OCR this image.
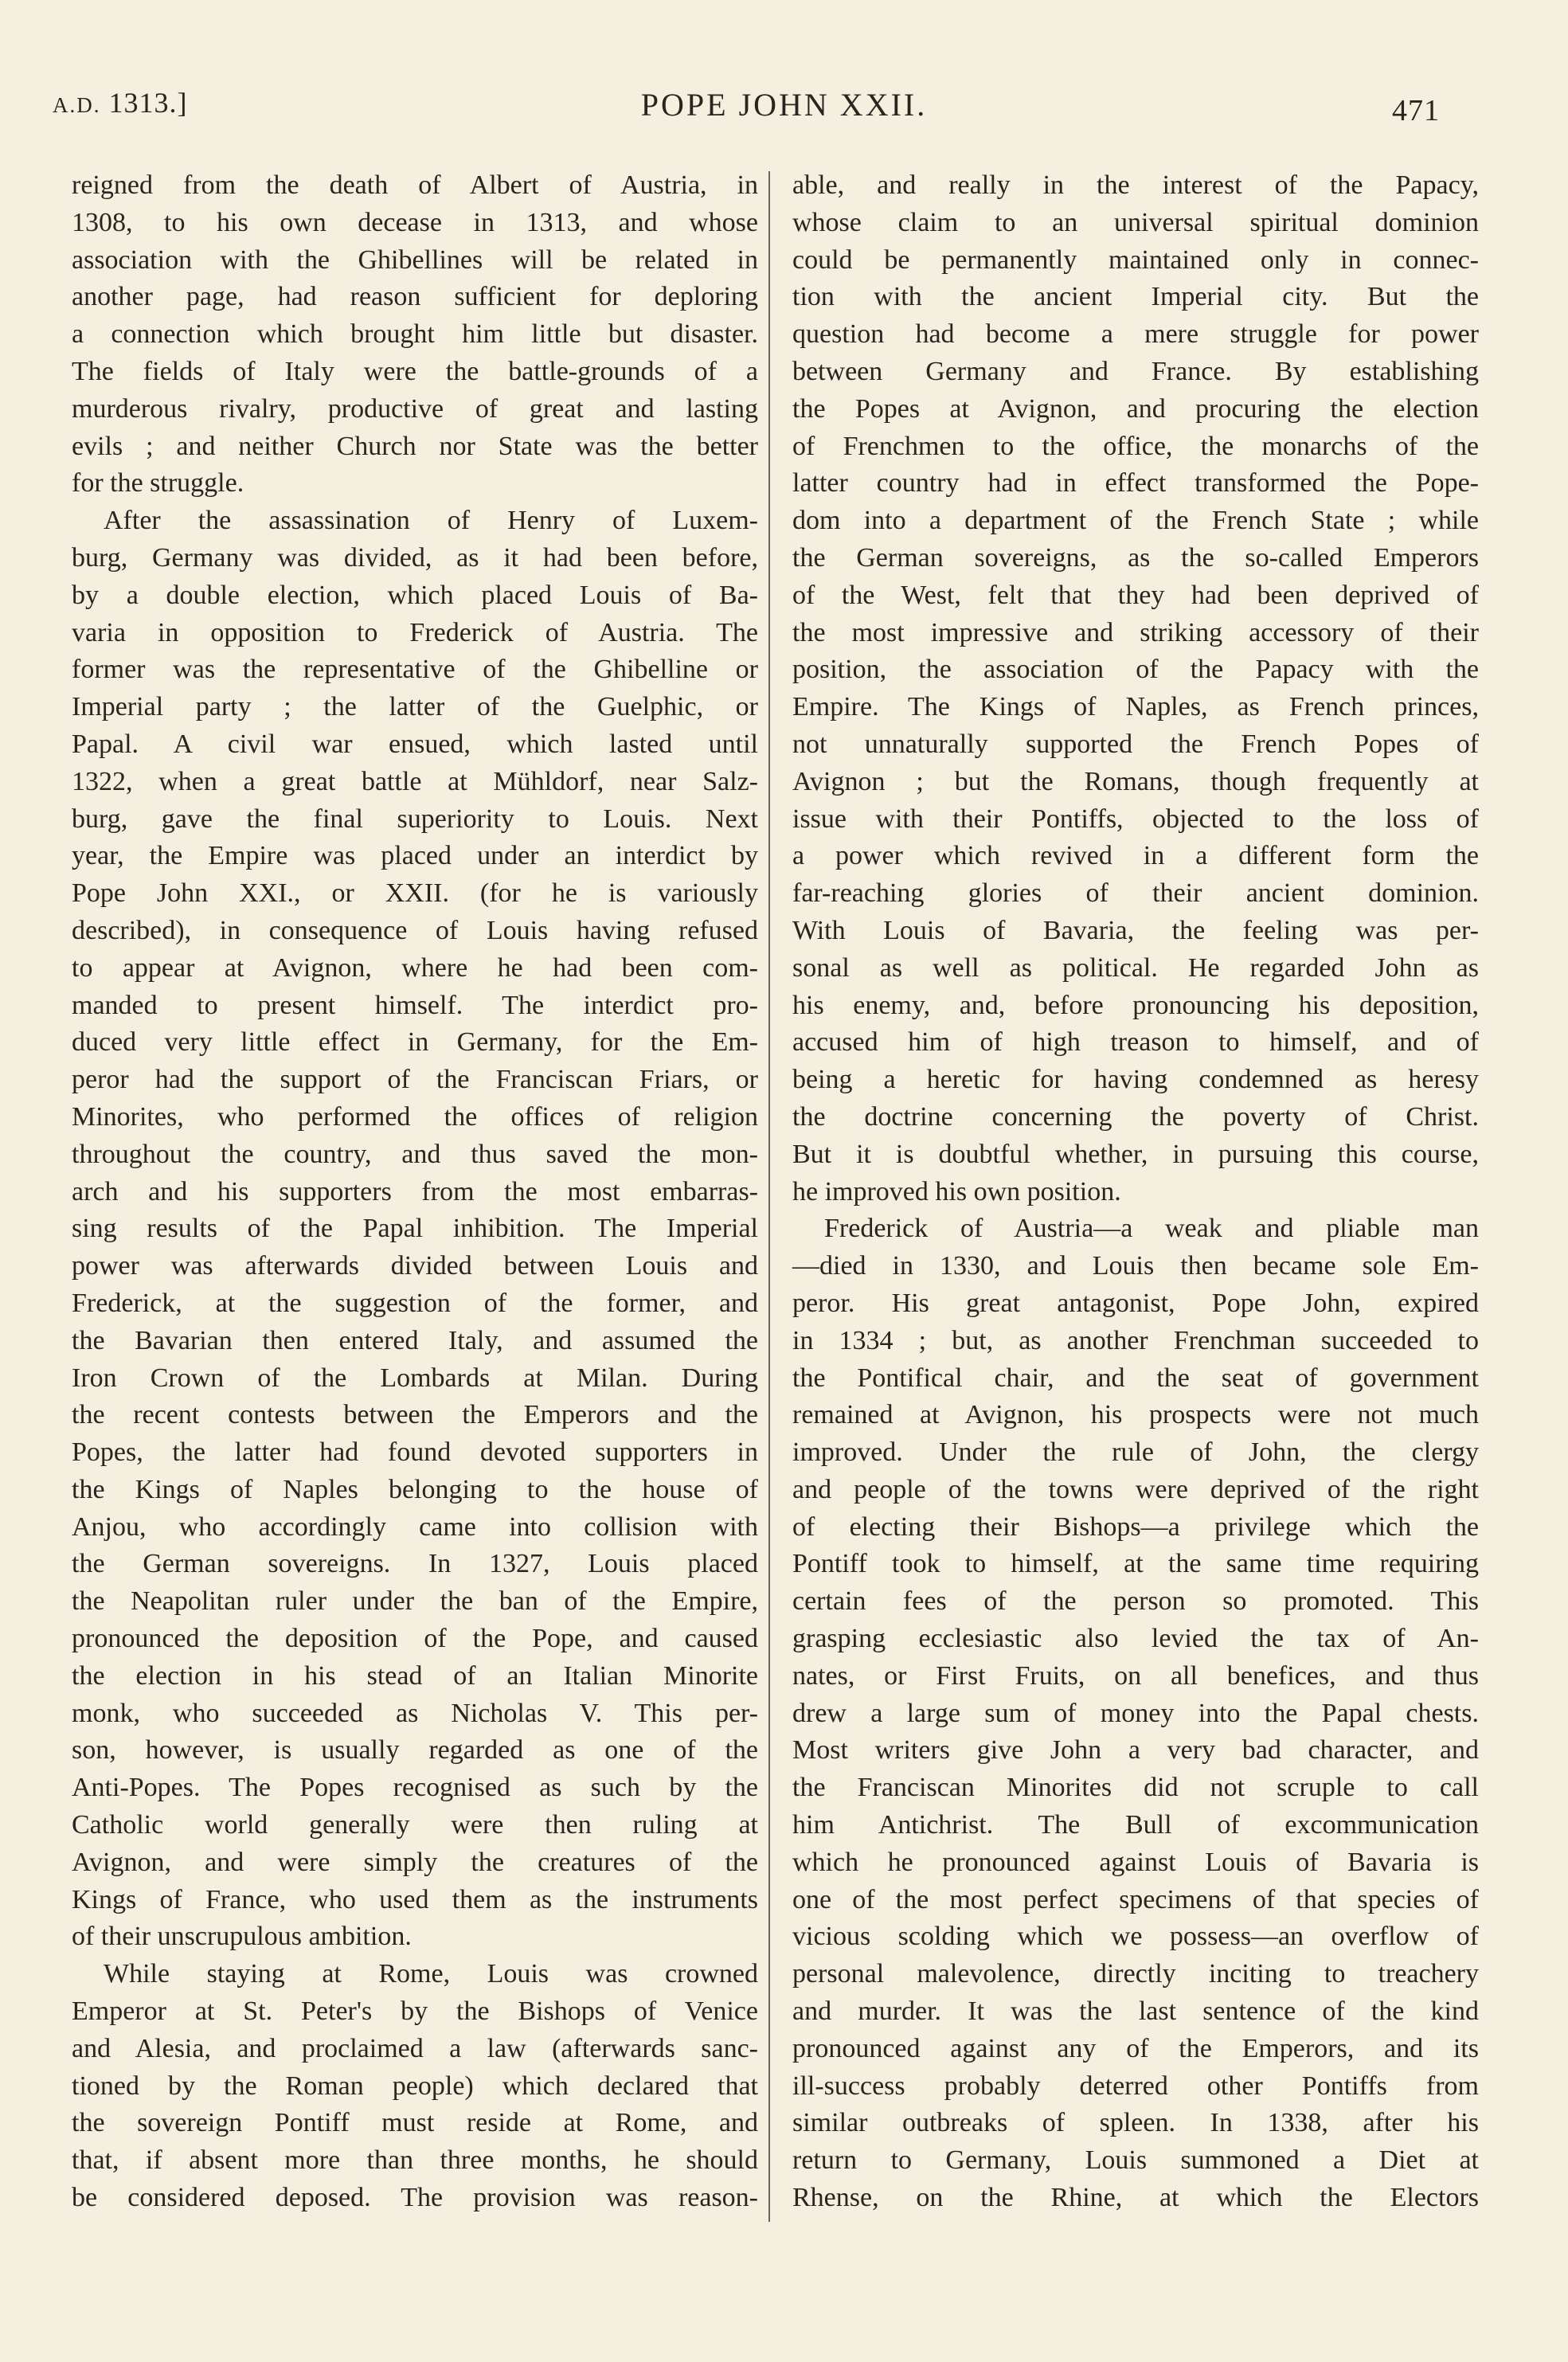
A.D. 1313.]	POPE JOHN XXII.	471
reigned from the death of Albert of Austria, in
1308, to his own decease in 1313, and whose
association with the Ghibellines will be related in
another page, had reason sufficient for deploring
a connection which brought him little but disaster.
The fields of Italy were the battle-grounds of a
murderous rivalry, productive of great and lasting
evils ; and neither Church nor State was the better
for the struggle.
After the assassination of Henry of Luxem-
burg, Germany was divided, as it had been before,
by a double election, which placed Louis of Ba-
varia in opposition to Frederick of Austria. The
former was the representative of the Ghibelline or
Imperial party ; the latter of the Guelphic, or
Papal. A civil war ensued, which lasted until
1322, when a great battle at Mühldorf, near Salz-
burg, gave the final superiority to Louis. Next
year, the Empire was placed under an interdict by
Pope John XXI., or XXII. (for he is variously
described), in consequence of Louis having refused
to appear at Avignon, where he had been com-
manded to present himself. The interdict pro-
duced very little effect in Germany, for the Em-
peror had the support of the Franciscan Friars, or
Minorites, who performed the offices of religion
throughout the country, and thus saved the mon-
arch and his supporters from the most embarras-
sing results of the Papal inhibition. The Imperial
power was afterwards divided between Louis and
Frederick, at the suggestion of the former, and
the Bavarian then entered Italy, and assumed the
Iron Crown of the Lombards at Milan. During
the recent contests between the Emperors and the
Popes, the latter had found devoted supporters in
the Kings of Naples belonging to the house of
Anjou, who accordingly came into collision with
the German sovereigns. In 1327, Louis placed
the Neapolitan ruler under the ban of the Empire,
pronounced the deposition of the Pope, and caused
the election in his stead of an Italian Minorite
monk, who succeeded as Nicholas V. This per-
son, however, is usually regarded as one of the
Anti-Popes. The Popes recognised as such by the
Catholic world generally were then ruling at
Avignon, and were simply the creatures of the
Kings of France, who used them as the instruments
of their unscrupulous ambition.
While staying at Rome, Louis was crowned
Emperor at St. Peter's by the Bishops of Venice
and Alesia, and proclaimed a law (afterwards sanc-
tioned by the Roman people) which declared that
the sovereign Pontiff must reside at Rome, and
that, if absent more than three months, he should
be considered deposed. The provision was reason-
able, and really in the interest of the Papacy,
whose claim to an universal spiritual dominion
could be permanently maintained only in connec-
tion with the ancient Imperial city. But the
question had become a mere struggle for power
between Germany and France. By establishing
the Popes at Avignon, and procuring the election
of Frenchmen to the office, the monarchs of the
latter country had in effect transformed the Pope-
dom into a department of the French State ; while
the German sovereigns, as the so-called Emperors
of the West, felt that they had been deprived of
the most impressive and striking accessory of their
position, the association of the Papacy with the
Empire. The Kings of Naples, as French princes,
not unnaturally supported the French Popes of
Avignon ; but the Romans, though frequently at
issue with their Pontiffs, objected to the loss of
a power which revived in a different form the
far-reaching glories of their ancient dominion.
With Louis of Bavaria, the feeling was per-
sonal as well as political. He regarded John as
his enemy, and, before pronouncing his deposition,
accused him of high treason to himself, and of
being a heretic for having condemned as heresy
the doctrine concerning the poverty of Christ.
But it is doubtful whether, in pursuing this course,
he improved his own position.
Frederick of Austria—a weak and pliable man
—died in 1330, and Louis then became sole Em-
peror. His great antagonist, Pope John, expired
in 1334 ; but, as another Frenchman succeeded to
the Pontifical chair, and the seat of government
remained at Avignon, his prospects were not much
improved. Under the rule of John, the clergy
and people of the towns were deprived of the right
of electing their Bishops—a privilege which the
Pontiff took to himself, at the same time requiring
certain fees of the person so promoted. This
grasping ecclesiastic also levied the tax of An-
nates, or First Fruits, on all benefices, and thus
drew a large sum of money into the Papal chests.
Most writers give John a very bad character, and
the Franciscan Minorites did not scruple to call
him Antichrist. The Bull of excommunication
which he pronounced against Louis of Bavaria is
one of the most perfect specimens of that species of
vicious scolding which we possess—an overflow of
personal malevolence, directly inciting to treachery
and murder. It was the last sentence of the kind
pronounced against any of the Emperors, and its
ill-success probably deterred other Pontiffs from
similar outbreaks of spleen. In 1338, after his
return to Germany, Louis summoned a Diet at
Rhense, on the Rhine, at which the Electors
